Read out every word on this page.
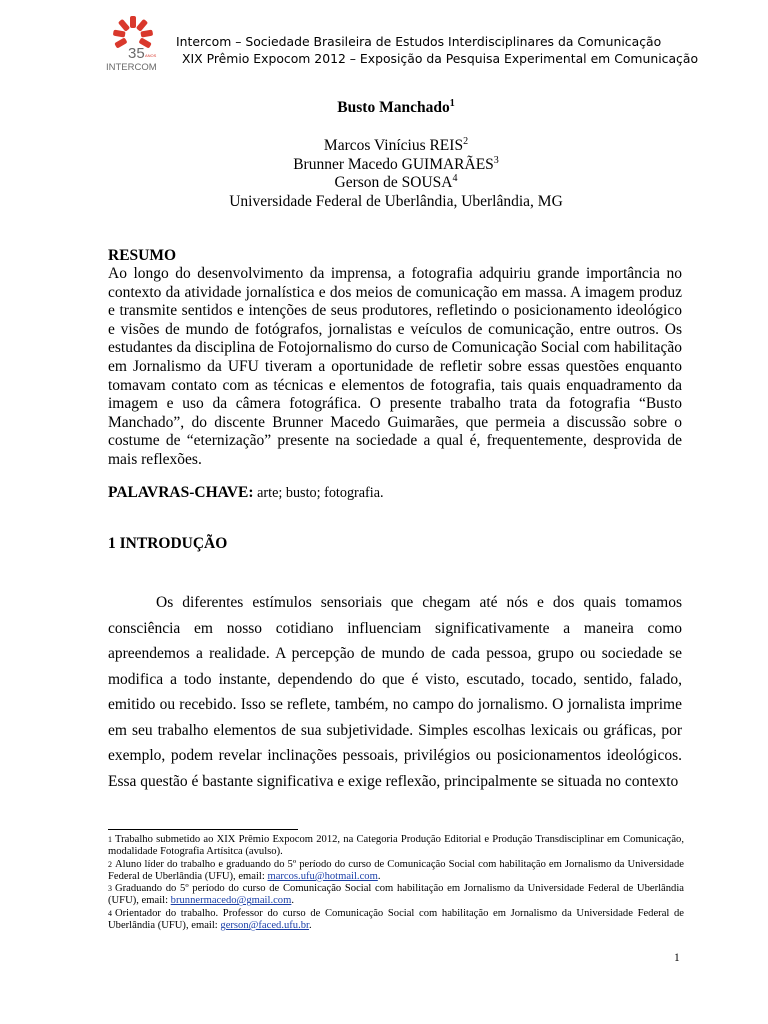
35 ANOS
INTERCOM
Intercom – Sociedade Brasileira de Estudos Interdisciplinares da Comunicação
XIX Prêmio Expocom 2012 – Exposição da Pesquisa Experimental em Comunicação
Busto Manchado$^1$
Marcos Vinícius REIS$^2$
Brunner Macedo GUIMARÃES$^3$
Gerson de SOUSA$^4$
Universidade Federal de Uberlândia, Uberlândia, MG
RESUMO
Ao longo do desenvolvimento da imprensa, a fotografia adquiriu grande importância no contexto da atividade jornalística e dos meios de comunicação em massa. A imagem produz e transmite sentidos e intenções de seus produtores, refletindo o posicionamento ideológico e visões de mundo de fotógrafos, jornalistas e veículos de comunicação, entre outros. Os estudantes da disciplina de Fotojornalismo do curso de Comunicação Social com habilitação em Jornalismo da UFU tiveram a oportunidade de refletir sobre essas questões enquanto tomavam contato com as técnicas e elementos de fotografia, tais quais enquadramento da imagem e uso da câmera fotográfica. O presente trabalho trata da fotografia “Busto Manchado”, do discente Brunner Macedo Guimarães, que permeia a discussão sobre o costume de “eternização” presente na sociedade a qual é, frequentemente, desprovida de mais reflexões.
PALAVRAS-CHAVE: arte; busto; fotografia.
1 INTRODUÇÃO
Os diferentes estímulos sensoriais que chegam até nós e dos quais tomamos consciência em nosso cotidiano influenciam significativamente a maneira como apreendemos a realidade. A percepção de mundo de cada pessoa, grupo ou sociedade se modifica a todo instante, dependendo do que é visto, escutado, tocado, sentido, falado, emitido ou recebido. Isso se reflete, também, no campo do jornalismo. O jornalista imprime em seu trabalho elementos de sua subjetividade. Simples escolhas lexicais ou gráficas, por exemplo, podem revelar inclinações pessoais, privilégios ou posicionamentos ideológicos. Essa questão é bastante significativa e exige reflexão, principalmente se situada no contexto

$^1$ Trabalho submetido ao XIX Prêmio Expocom 2012, na Categoria Produção Editorial e Produção Transdisciplinar em Comunicação, modalidade Fotografia Artísitca (avulso).

$^2$ Aluno líder do trabalho e graduando do 5º período do curso de Comunicação Social com habilitação em Jornalismo da Universidade Federal de Uberlândia (UFU), email: marcos.ufu@hotmail.com.

$^3$ Graduando do 5º período do curso de Comunicação Social com habilitação em Jornalismo da Universidade Federal de Uberlândia (UFU), email: brunnermacedo@gmail.com.

$^4$ Orientador do trabalho. Professor do curso de Comunicação Social com habilitação em Jornalismo da Universidade Federal de Uberlândia (UFU), email: gerson@faced.ufu.br.

1
